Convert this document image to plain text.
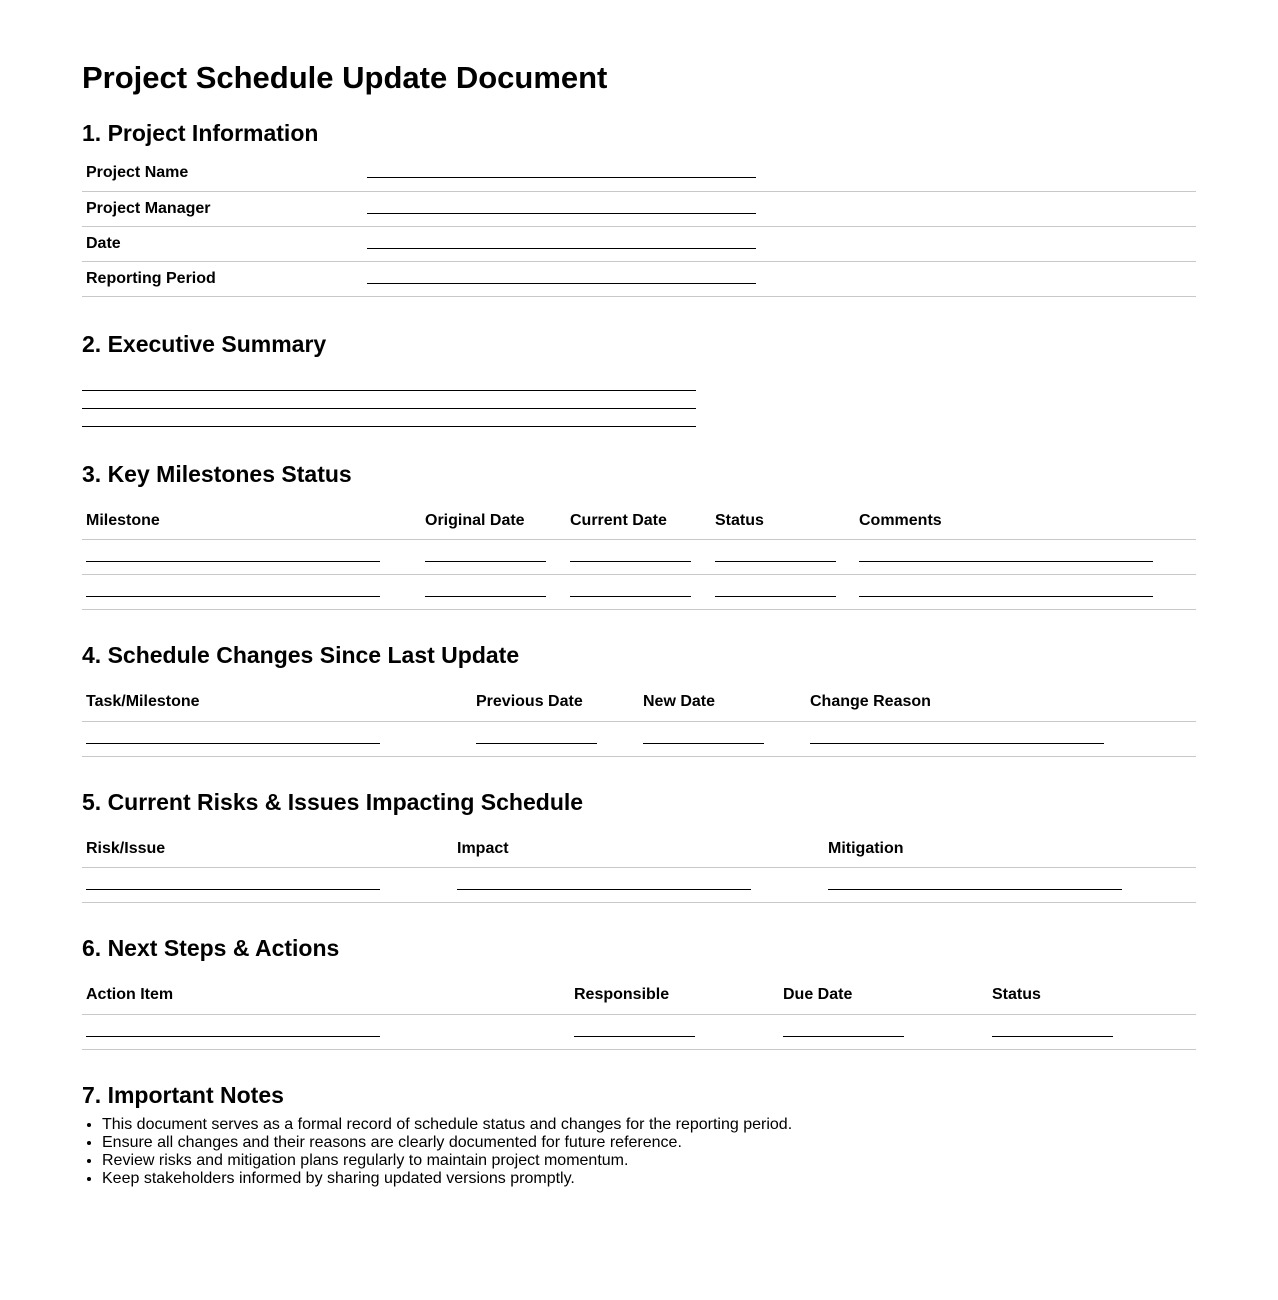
Project Schedule Update Document
1. Project Information
Project Name	

Project Manager	

Date	

Reporting Period	
2. Executive Summary
3. Key Milestones Status
Milestone	Original Date	Current Date	Status	Comments

4. Schedule Changes Since Last Update
Task/Milestone	Previous Date	New Date	Change Reason

5. Current Risks & Issues Impacting Schedule
Risk/Issue	Impact	Mitigation

6. Next Steps & Actions
Action Item	Responsible	Due Date	Status

7. Important Notes
• This document serves as a formal record of schedule status and changes for the reporting period.
• Ensure all changes and their reasons are clearly documented for future reference.
• Review risks and mitigation plans regularly to maintain project momentum.
• Keep stakeholders informed by sharing updated versions promptly.
